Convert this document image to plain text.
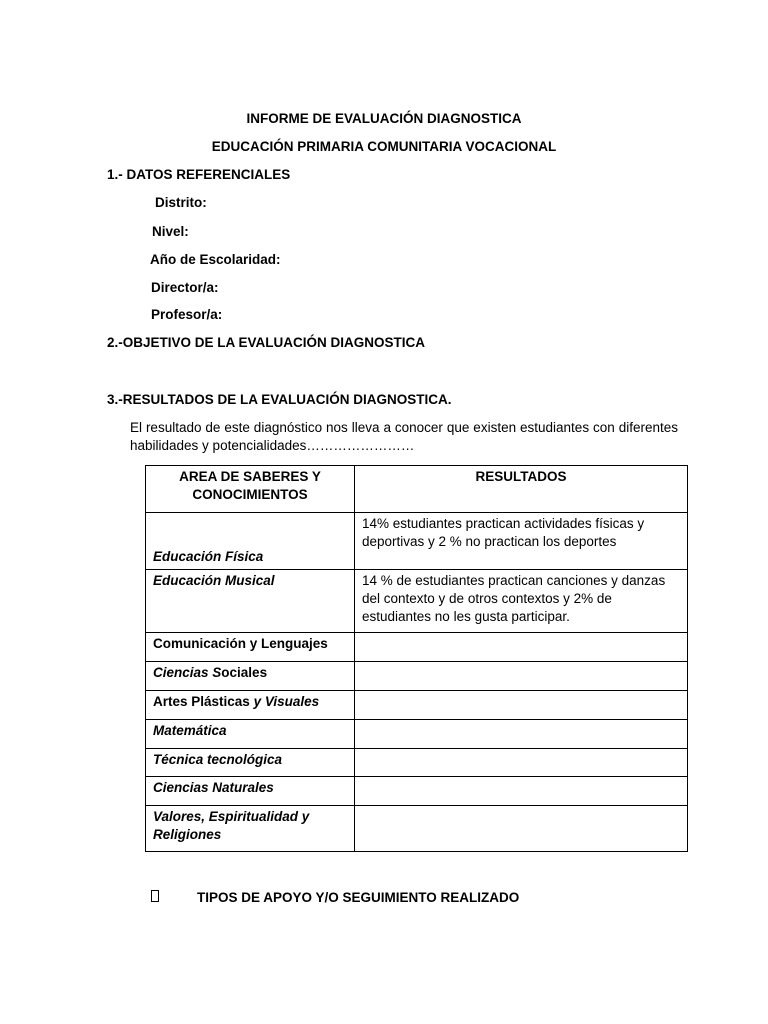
INFORME DE EVALUACIÓN DIAGNOSTICA
EDUCACIÓN PRIMARIA COMUNITARIA VOCACIONAL
1.- DATOS REFERENCIALES
Distrito:
Nivel:
Año de Escolaridad:
Director/a:
Profesor/a:
2.-OBJETIVO DE LA EVALUACIÓN DIAGNOSTICA
3.-RESULTADOS DE LA EVALUACIÓN DIAGNOSTICA.
El resultado de este diagnóstico nos lleva a conocer que existen estudiantes con diferentes habilidades y potencialidades……………………
AREA DE SABERES Y
CONOCIMIENTOS	RESULTADOS
Educación Física	14% estudiantes practican actividades físicas y deportivas y 2 % no practican los deportes
Educación Musical	14 % de estudiantes practican canciones y danzas del contexto y de otros contextos y 2% de estudiantes no les gusta participar.
Comunicación y Lenguajes	
Ciencias Sociales	
Artes Plásticas y Visuales	
Matemática	
Técnica tecnológica	
Ciencias Naturales	
Valores, Espiritualidad y
Religiones	
TIPOS DE APOYO Y/O SEGUIMIENTO REALIZADO
